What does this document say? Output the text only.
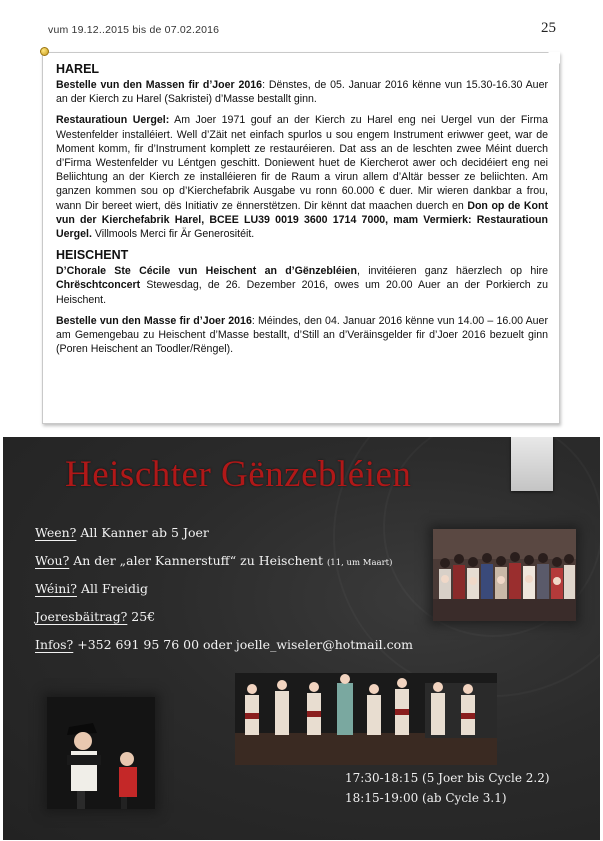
vum 19.12..2015 bis de 07.02.2016	25
HAREL
Bestelle vun den Massen fir d’Joer 2016: Dënstes, de 05. Januar 2016 kënne vun 15.30-16.30 Auer an der Kierch zu Harel (Sakristei) d’Masse bestallt ginn.
Restauratioun Uergel: Am Joer 1971 gouf an der Kierch zu Harel eng nei Uergel vun der Firma Westenfelder installéiert. Well d’Zäit net einfach spurlos u sou engem Instrument eriwwer geet, war de Moment komm, fir d’Instrument komplett ze restauréieren. Dat ass an de leschten zwee Méint duerch d’Firma Westenfelder vu Léntgen geschitt. Doniewent huet de Kiercherot awer och decidéiert eng nei Beliichtung an der Kierch ze installéieren fir de Raum a virun allem d’Altär besser ze beliichten. Am ganzen kommen sou op d’Kierchefabrik Ausgabe vu ronn 60.000 € duer. Mir wieren dankbar a frou, wann Dir bereet wiert, dës Initiativ ze ënnerstëtzen. Dir kënnt dat maachen duerch en Don op de Kont vun der Kierchefabrik Harel, BCEE LU39 0019 3600 1714 7000, mam Vermierk: Restauratioun Uergel. Villmools Merci fir Är Generositéit.
HEISCHENT
D’Chorale Ste Cécile vun Heischent an d’Gënzebléien, invitéieren ganz häerzlech op hire Chrëschtconcert Stewesdag, de 26. Dezember 2016, owes um 20.00 Auer an der Porkierch zu Heischent.
Bestelle vun den Masse fir d’Joer 2016: Méindes, den 04. Januar 2016 kënne vun 14.00 – 16.00 Auer am Gemengebau zu Heischent d’Masse bestallt, d’Still an d’Veräinsgelder fir d’Joer 2016 bezuelt ginn (Poren Heischent an Toodler/Rëngel).
Heischter Gënzebléien
Ween? All Kanner ab 5 Joer
Wou? An der „aler Kannerstuff“ zu Heischent (11, um Maart)
Wéini? All Freidig
Joeresbäitrag? 25€
Infos? +352 691 95 76 00 oder joelle_wiseler@hotmail.com
17:30-18:15 (5 Joer bis Cycle 2.2)
18:15-19:00 (ab Cycle 3.1)
